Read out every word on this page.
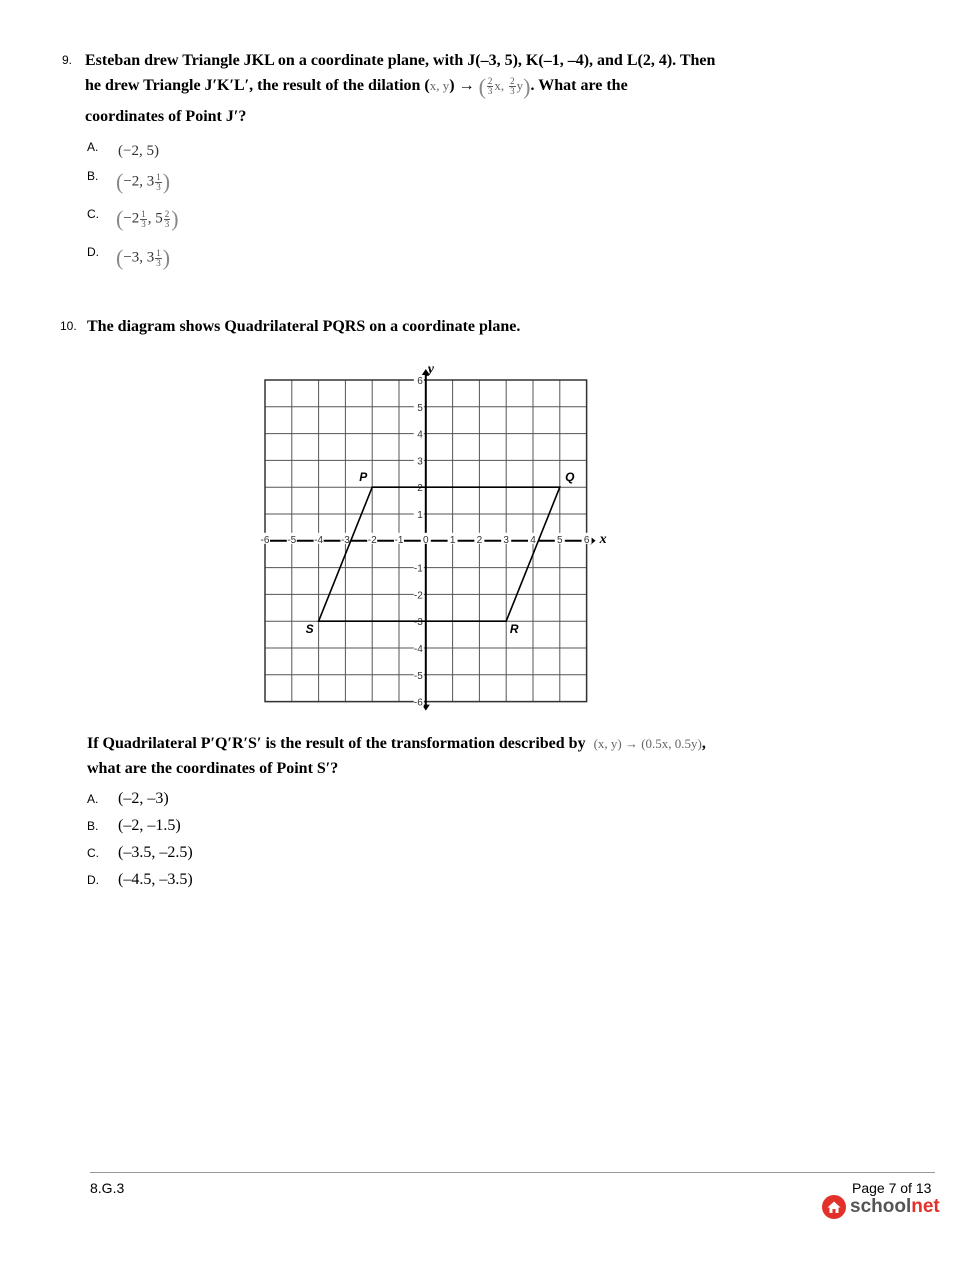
9. Esteban drew Triangle JKL on a coordinate plane, with J(–3, 5), K(–1, –4), and L(2, 4). Then
he drew Triangle J′K′L′, the result of the dilation (x, y) → ( $\frac{2}{3} x$, $\frac{2}{3} y$). What are the
coordinates of Point J′?
A. (−2, 5)
B. (−2, $3 \frac{1}{3}$ )
C. ($-2 \frac{1}{3}$ , $5 \frac{2}{3}$ )
D. (−3, $3 \frac{1}{3}$ )
10. The diagram shows Quadrilateral PQRS on a coordinate plane.
x
y
-6 -5 -4 -3 -2 -1 0 1 2 3 4 5 6
6
5
4
3
2
1
-1
-2
-3
-4
-5
-6
P	Q
R
S
If Quadrilateral P′Q′R′S′ is the result of the transformation described by (x, y) → (0.5x, 0.5y),
what are the coordinates of Point S′?
A. (–2, –3)
B. (–2, –1.5)
C. (–3.5, –2.5)
D. (–4.5, –3.5)
8.G.3	Page 7 of 13
schoolnet
